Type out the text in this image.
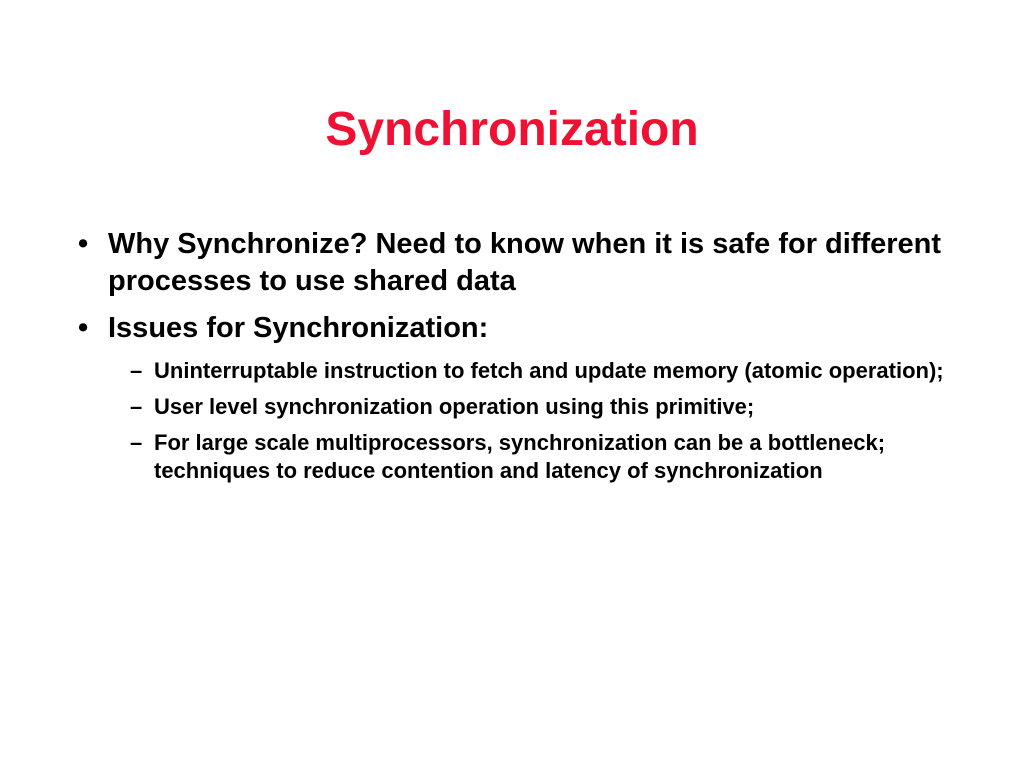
Synchronization
• Why Synchronize? Need to know when it is safe for different processes to use shared data
• Issues for Synchronization:
– Uninterruptable instruction to fetch and update memory (atomic operation);
– User level synchronization operation using this primitive;
– For large scale multiprocessors, synchronization can be a bottleneck; techniques to reduce contention and latency of synchronization
